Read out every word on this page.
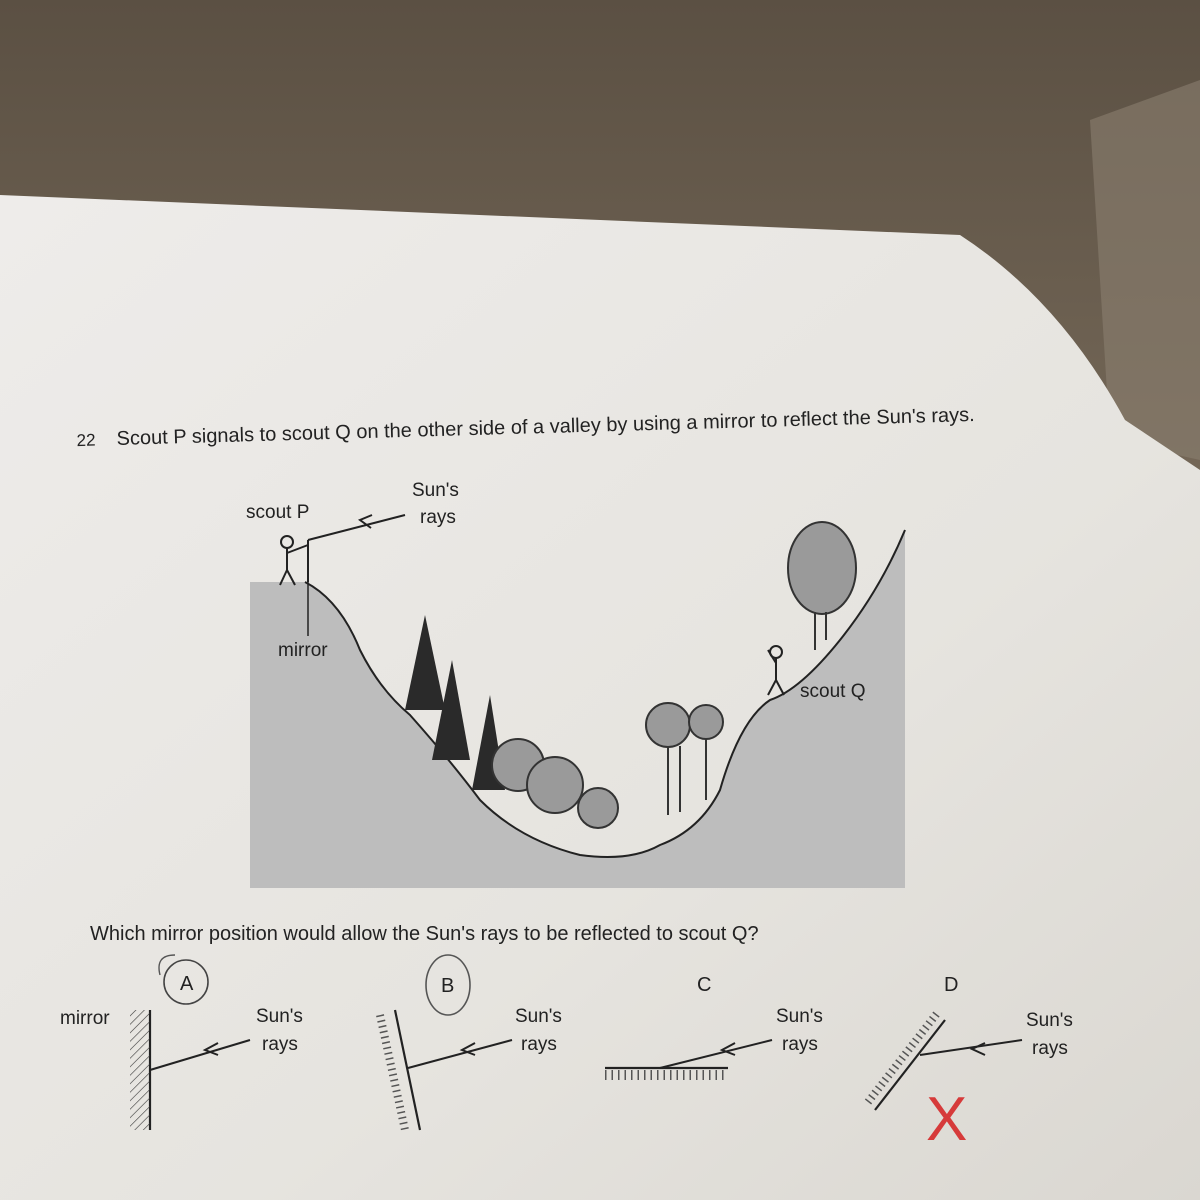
22 Scout P signals to scout Q on the other side of a valley by using a mirror to reflect the Sun's rays.
scout P
Sun's
rays
mirror
scout Q
Which mirror position would allow the Sun's rays to be reflected to scout Q?
mirror
A
Sun's
rays
B
Sun's
rays
C
Sun's
rays
D
Sun's
rays
X
